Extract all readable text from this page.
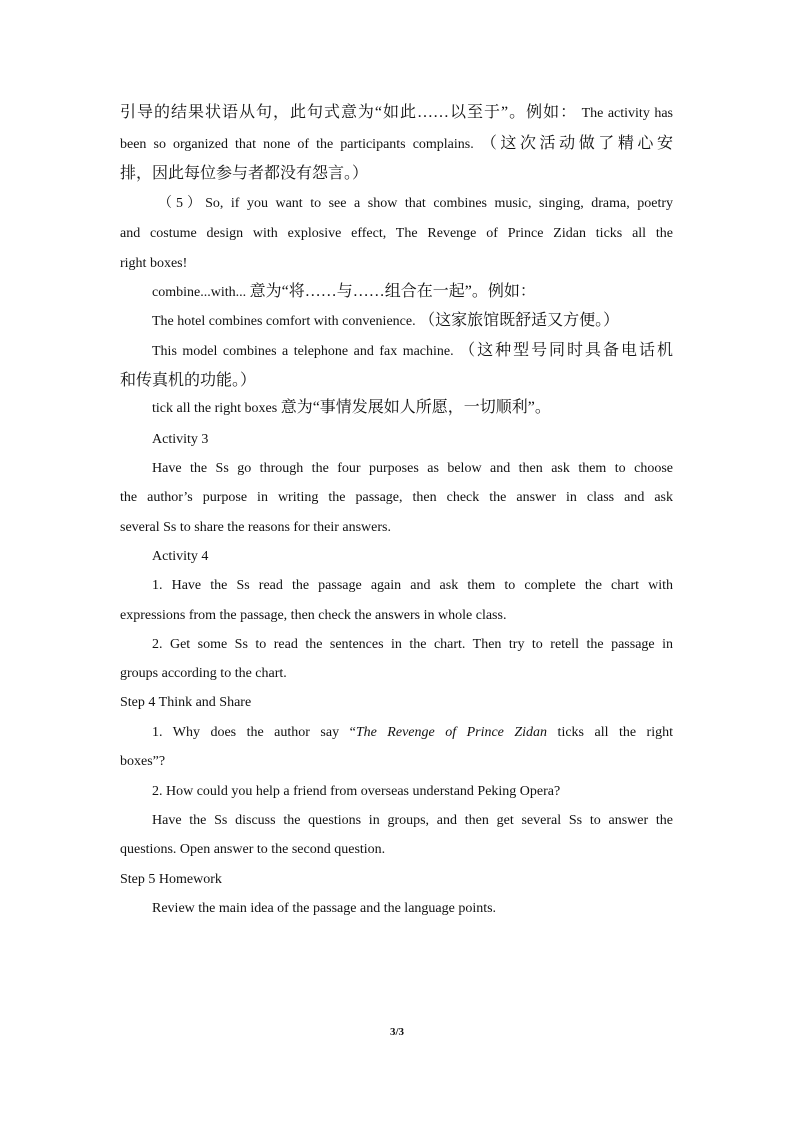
引导的结果状语从句，此句式意为“如此……以至于”。例如： The activity has
been so organized that none of the participants complains. （这次活动做了精心安
排，因此每位参与者都没有怨言。）
（5）So, if you want to see a show that combines music, singing, drama, poetry
and costume design with explosive effect, The Revenge of Prince Zidan ticks all the
right boxes!
combine...with... 意为“将……与……组合在一起”。例如：
The hotel combines comfort with convenience. （这家旅馆既舒适又方便。）
This model combines a telephone and fax machine. （这种型号同时具备电话机
和传真机的功能。）
tick all the right boxes 意为“事情发展如人所愿，一切顺利”。
Activity 3
Have the Ss go through the four purposes as below and then ask them to choose
the author’s purpose in writing the passage, then check the answer in class and ask
several Ss to share the reasons for their answers.
Activity 4
1. Have the Ss read the passage again and ask them to complete the chart with
expressions from the passage, then check the answers in whole class.
2. Get some Ss to read the sentences in the chart. Then try to retell the passage in
groups according to the chart.
Step 4 Think and Share
1. Why does the author say “The Revenge of Prince Zidan ticks all the right
boxes”?
2. How could you help a friend from overseas understand Peking Opera?
Have the Ss discuss the questions in groups, and then get several Ss to answer the
questions. Open answer to the second question.
Step 5 Homework
Review the main idea of the passage and the language points.
3/3
